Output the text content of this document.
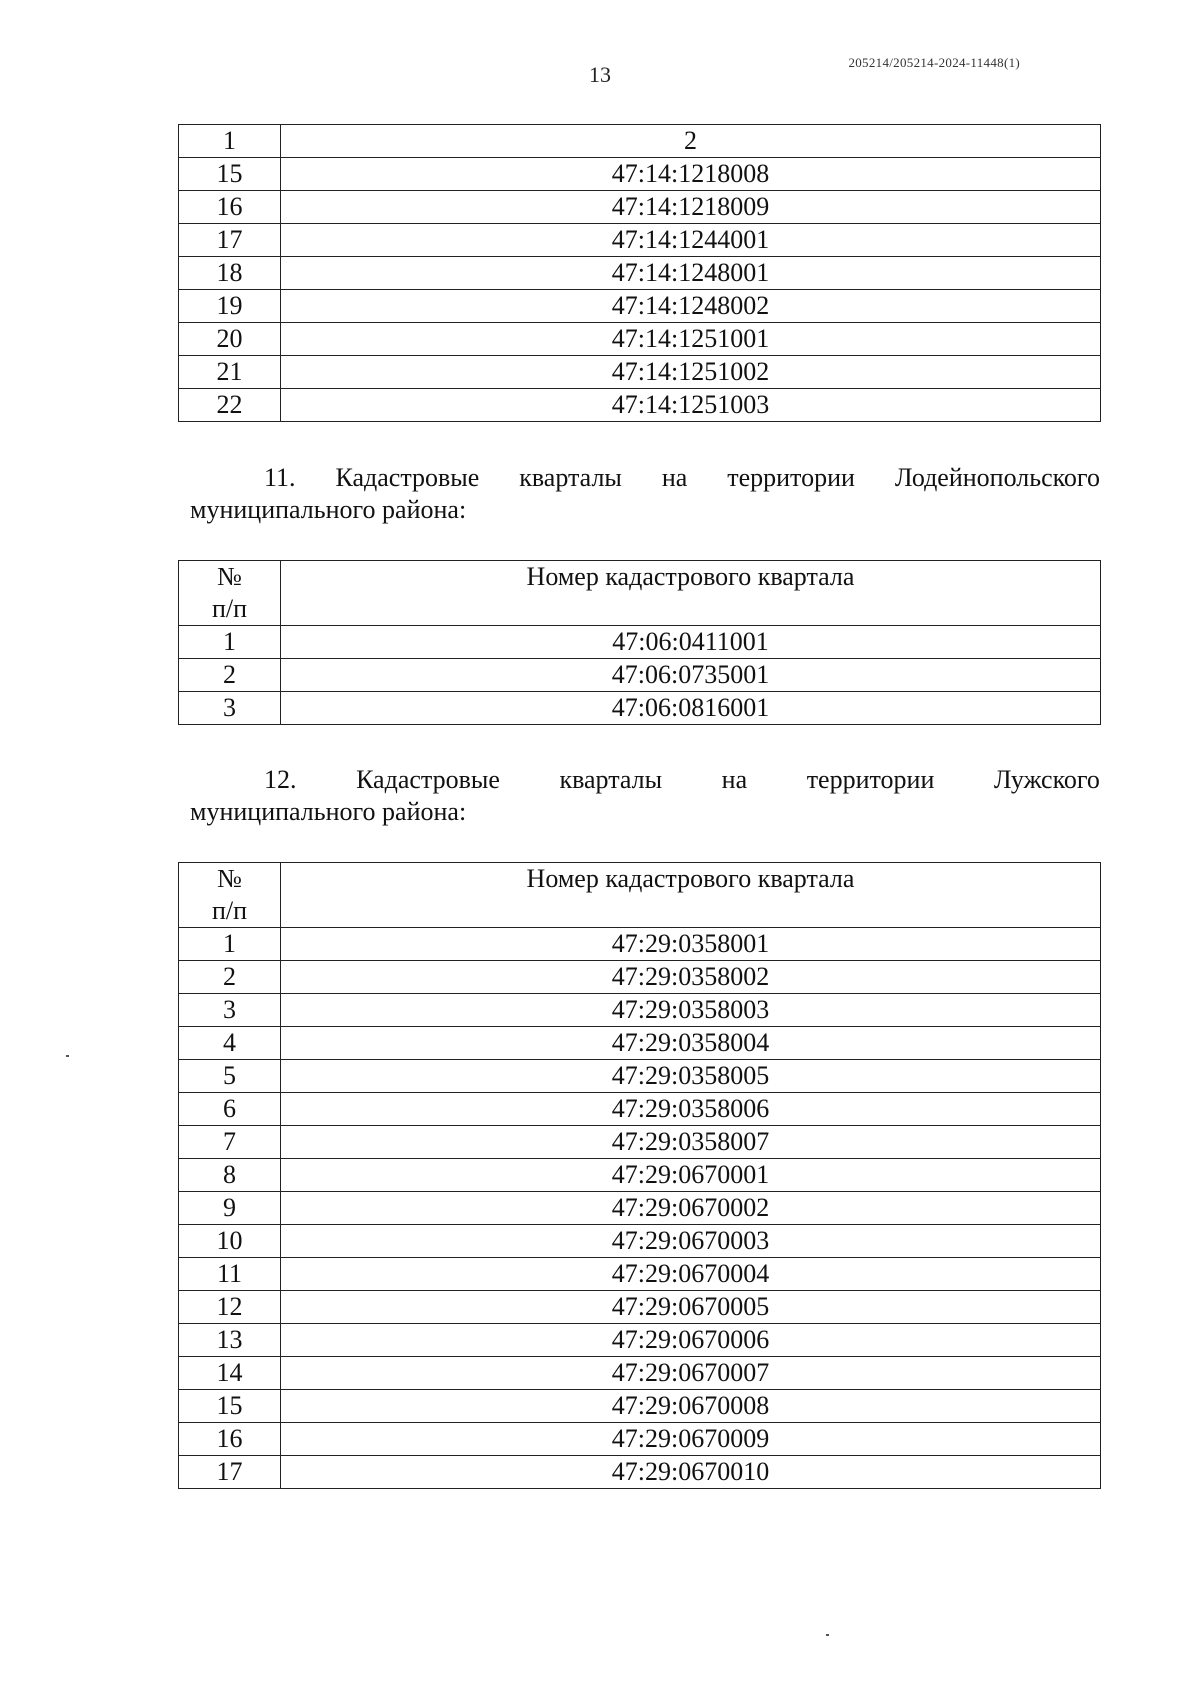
13	205214/205214-2024-11448(1)
1	2
15	47:14:1218008
16	47:14:1218009
17	47:14:1244001
18	47:14:1248001
19	47:14:1248002
20	47:14:1251001
21	47:14:1251002
22	47:14:1251003
11. Кадастровые кварталы на территории Лодейнопольского
муниципального района:
№
п/п	Номер кадастрового квартала
1	47:06:0411001
2	47:06:0735001
3	47:06:0816001
12. Кадастровые кварталы на территории Лужского
муниципального района:
№
п/п	Номер кадастрового квартала
1	47:29:0358001
2	47:29:0358002
3	47:29:0358003
4	47:29:0358004
5	47:29:0358005
6	47:29:0358006
7	47:29:0358007
8	47:29:0670001
9	47:29:0670002
10	47:29:0670003
11	47:29:0670004
12	47:29:0670005
13	47:29:0670006
14	47:29:0670007
15	47:29:0670008
16	47:29:0670009
17	47:29:0670010
